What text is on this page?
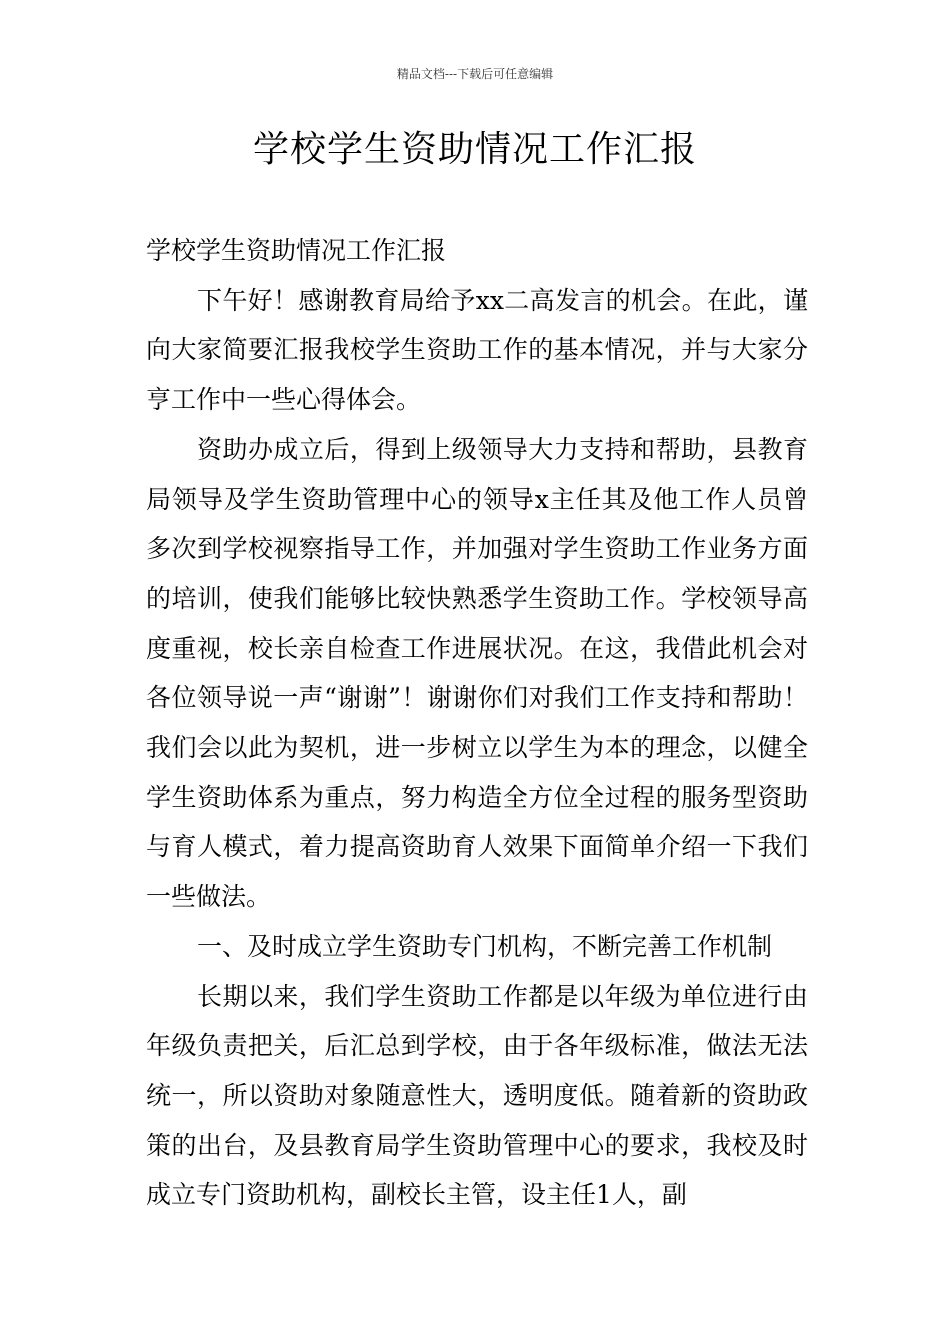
精品文档---下载后可任意编辑
学校学生资助情况工作汇报

学校学生资助情况工作汇报

下午好！感谢教育局给予xx二高发言的机会。在此，谨向大家简要汇报我校学生资助工作的基本情况，并与大家分亨工作中一些心得体会。

资助办成立后，得到上级领导大力支持和帮助，县教育局领导及学生资助管理中心的领导x主任其及他工作人员曾多次到学校视察指导工作，并加强对学生资助工作业务方面的培训，使我们能够比较快熟悉学生资助工作。学校领导高度重视，校长亲自检查工作进展状况。在这，我借此机会对各位领导说一声“谢谢”！谢谢你们对我们工作支持和帮助！我们会以此为契机，进一步树立以学生为本的理念，以健全学生资助体系为重点，努力构造全方位全过程的服务型资助与育人模式，着力提高资助育人效果下面简单介绍一下我们一些做法。

一、及时成立学生资助专门机构，不断完善工作机制

长期以来，我们学生资助工作都是以年级为单位进行由年级负责把关，后汇总到学校，由于各年级标准，做法无法统一，所以资助对象随意性大，透明度低。随着新的资助政策的出台，及县教育局学生资助管理中心的要求，我校及时成立专门资助机构，副校长主管，设主任1人，副
